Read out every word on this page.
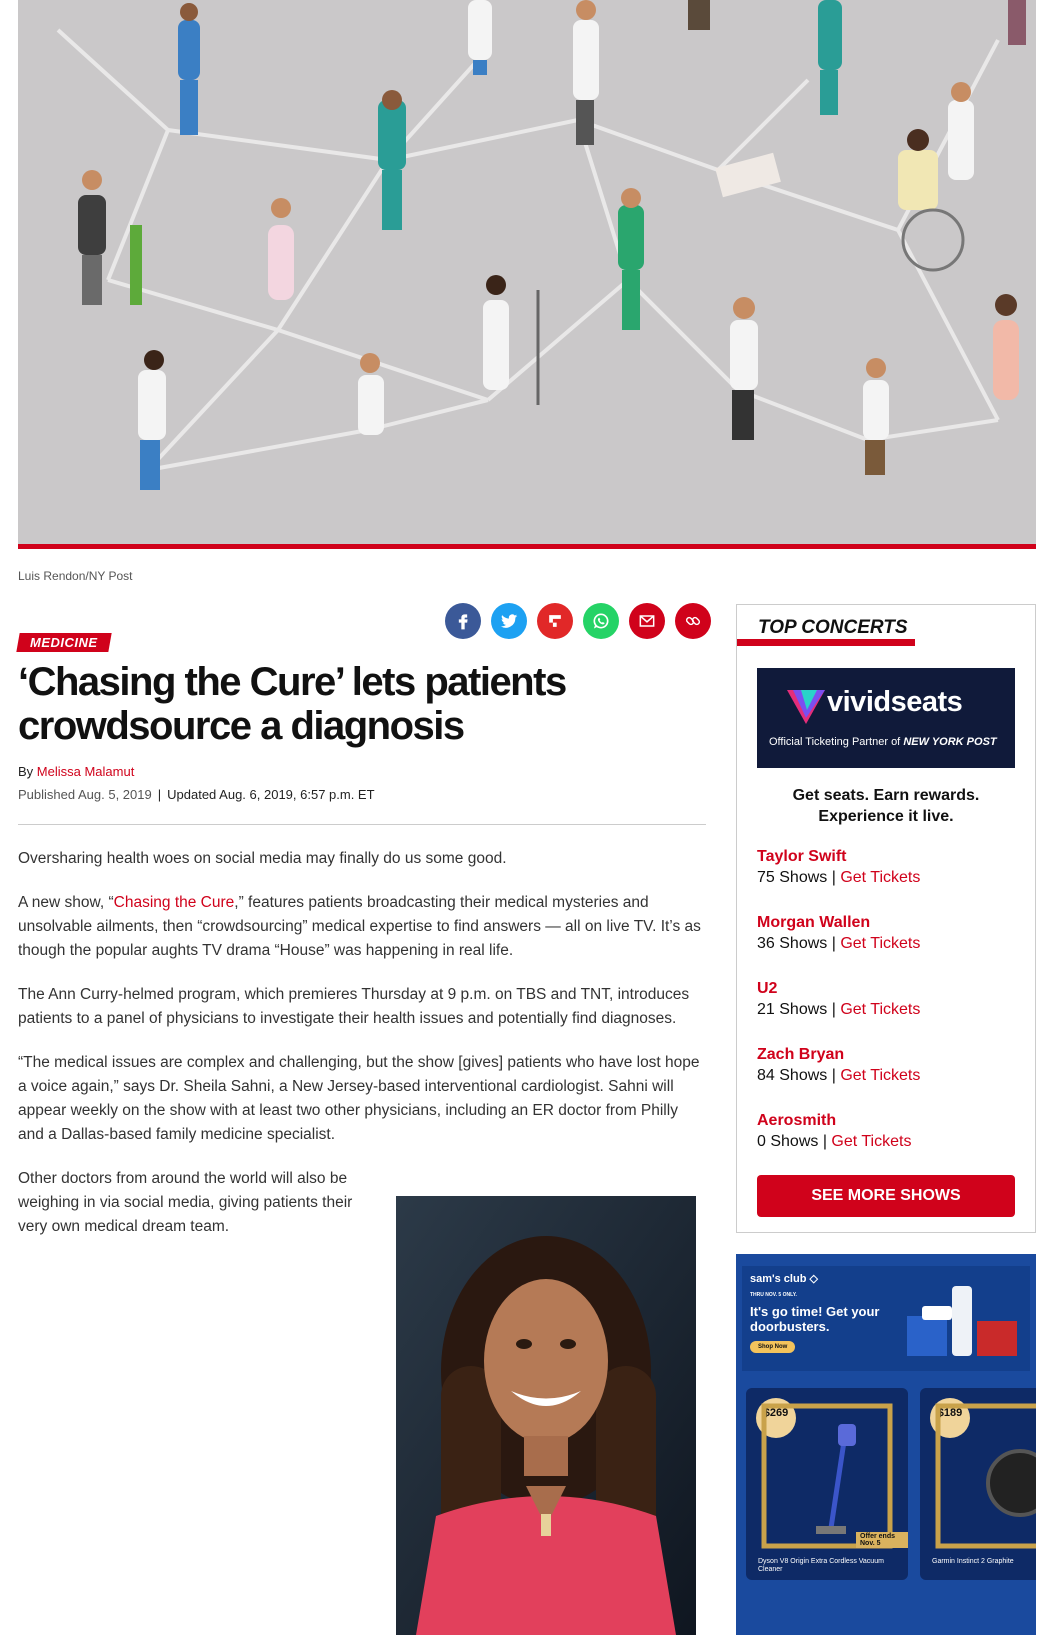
Luis Rendon/NY Post
MEDICINE
‘Chasing the Cure’ lets patients crowdsource a diagnosis
By Melissa Malamut
Published Aug. 5, 2019 | Updated Aug. 6, 2019, 6:57 p.m. ET

Oversharing health woes on social media may finally do us some good.

A new show, “Chasing the Cure,” features patients broadcasting their medical mysteries and unsolvable ailments, then “crowdsourcing” medical expertise to find answers — all on live TV. It’s as though the popular aughts TV drama “House” was happening in real life.

The Ann Curry-helmed program, which premieres Thursday at 9 p.m. on TBS and TNT, introduces patients to a panel of physicians to investigate their health issues and potentially find diagnoses.

“The medical issues are complex and challenging, but the show [gives] patients who have lost hope a voice again,” says Dr. Sheila Sahni, a New Jersey-based interventional cardiologist. Sahni will appear weekly on the show with at least two other physicians, including an ER doctor from Philly and a Dallas-based family medicine specialist.

Other doctors from around the world will also be weighing in via social media, giving patients their very own medical dream team.

TOP CONCERTS
vividseats
Official Ticketing Partner of NEW YORK POST
Get seats. Earn rewards. Experience it live.
Taylor Swift
75 Shows | Get Tickets
Morgan Wallen
36 Shows | Get Tickets
U2
21 Shows | Get Tickets
Zach Bryan
84 Shows | Get Tickets
Aerosmith
0 Shows | Get Tickets
SEE MORE SHOWS
sam's club ◇
THRU NOV. 5 ONLY.
It's go time! Get your doorbusters.
Shop Now
$269
Offer ends Nov. 5
Dyson V8 Origin Extra Cordless Vacuum Cleaner
$189
Garmin Instinct 2 Graphite
